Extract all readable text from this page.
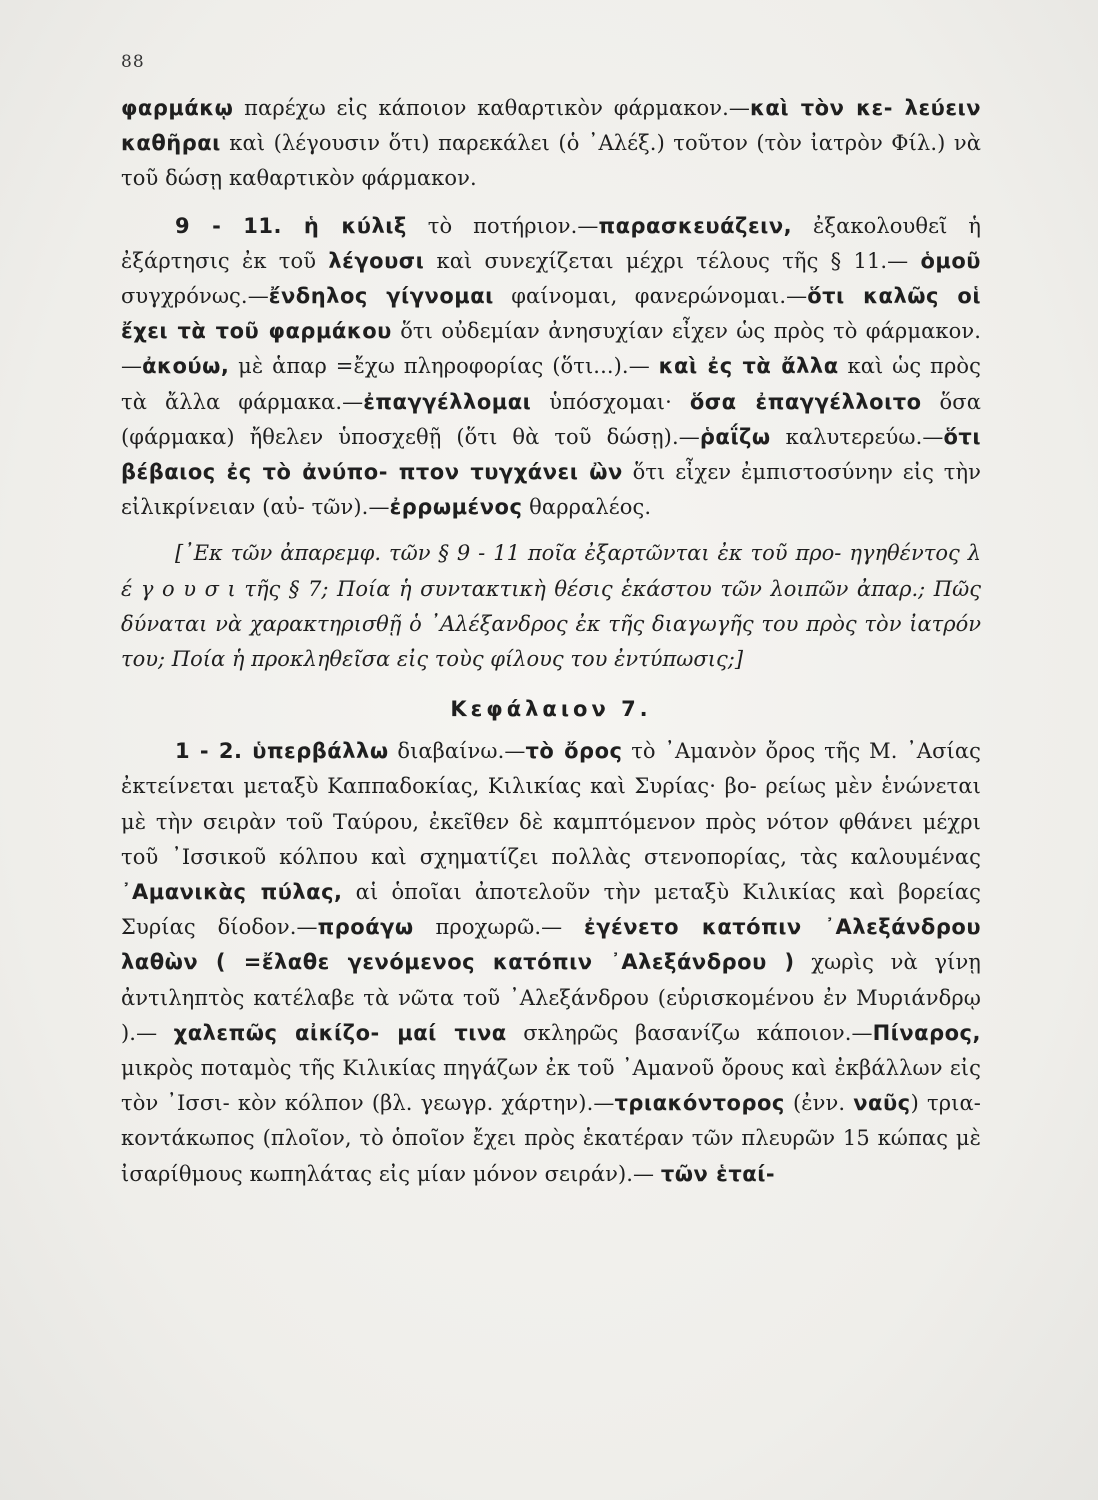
88

φαρμάκῳ παρέχω εἰς κάποιον καθαρτικὸν φάρμακον.—καὶ τὸν κε- λεύειν καθῆραι καὶ (λέγουσιν ὅτι) παρεκάλει (ὁ ᾿Αλέξ.) τοῦτον (τὸν ἰατρὸν Φίλ.) νὰ τοῦ δώσῃ καθαρτικὸν φάρμακον.

9 - 11. ἡ κύλιξ τὸ ποτήριον.—παρασκευάζειν, ἐξακολουθεῖ ἡ ἐξάρτησις ἐκ τοῦ λέγουσι καὶ συνεχίζεται μέχρι τέλους τῆς § 11.— ὁμοῦ συγχρόνως.—ἔνδηλος γίγνομαι φαίνομαι, φανερώνομαι.—ὅτι καλῶς οἱ ἔχει τὰ τοῦ φαρμάκου ὅτι οὐδεμίαν ἀνησυχίαν εἶχεν ὡς πρὸς τὸ φάρμακον.—ἀκούω, μὲ ἁπαρ =ἔχω πληροφορίας (ὅτι...).— καὶ ἐς τὰ ἄλλα καὶ ὡς πρὸς τὰ ἄλλα φάρμακα.—ἐπαγγέλλομαι ὑπόσχομαι· ὅσα ἐπαγγέλλοιτο ὅσα (φάρμακα) ἤθελεν ὑποσχεθῇ (ὅτι θὰ τοῦ δώσῃ).—ῥαΐζω καλυτερεύω.—ὅτι βέβαιος ἐς τὸ ἀνύπο- πτον τυγχάνει ὢν ὅτι εἶχεν ἐμπιστοσύνην εἰς τὴν εἰλικρίνειαν (αὐ- τῶν).—ἐρρωμένος θαρραλέος.

[᾿Εκ τῶν ἀπαρεμφ. τῶν § 9 - 11 ποῖα ἐξαρτῶνται ἐκ τοῦ προ- ηγηθέντος λ έ γ ο υ σ ι τῆς § 7; Ποία ἡ συντακτικὴ θέσις ἑκάστου τῶν λοιπῶν ἀπαρ.; Πῶς δύναται νὰ χαρακτηρισθῇ ὁ ᾿Αλέξανδρος ἐκ τῆς διαγωγῆς του πρὸς τὸν ἰατρόν του; Ποία ἡ προκληθεῖσα εἰς τοὺς φίλους του ἐντύπωσις;]

Κεφάλαιον 7.

1 - 2. ὑπερβάλλω διαβαίνω.—τὸ ὄρος τὸ ᾿Αμανὸν ὄρος τῆς Μ. ᾿Ασίας ἐκτείνεται μεταξὺ Καππαδοκίας, Κιλικίας καὶ Συρίας· βο- ρείως μὲν ἑνώνεται μὲ τὴν σειρὰν τοῦ Ταύρου, ἐκεῖθεν δὲ καμπτόμενον πρὸς νότον φθάνει μέχρι τοῦ ᾿Ισσικοῦ κόλπου καὶ σχηματίζει πολλὰς στενοπορίας, τὰς καλουμένας ᾿Αμανικὰς πύλας, αἱ ὁποῖαι ἀποτελοῦν τὴν μεταξὺ Κιλικίας καὶ βορείας Συρίας δίοδον.—προάγω προχωρῶ.— ἐγένετο κατόπιν ᾿Αλεξάνδρου λαθὼν ( =ἔλαθε γενόμενος κατόπιν ᾿Αλεξάνδρου ) χωρὶς νὰ γίνῃ ἀντιληπτὸς κατέλαβε τὰ νῶτα τοῦ ᾿Αλεξάνδρου (εὑρισκομένου ἐν Μυριάνδρῳ ).— χαλεπῶς αἰκίζο- μαί τινα σκληρῶς βασανίζω κάποιον.—Πίναρος, μικρὸς ποταμὸς τῆς Κιλικίας πηγάζων ἐκ τοῦ ᾿Αμανοῦ ὄρους καὶ ἐκβάλλων εἰς τὸν ᾿Ισσι- κὸν κόλπον (βλ. γεωγρ. χάρτην).—τριακόντορος (ἐνν. ναῦς) τρια- κοντάκωπος (πλοῖον, τὸ ὁποῖον ἔχει πρὸς ἑκατέραν τῶν πλευρῶν 15 κώπας μὲ ἰσαρίθμους κωπηλάτας εἰς μίαν μόνον σειράν).— τῶν ἑταί-
